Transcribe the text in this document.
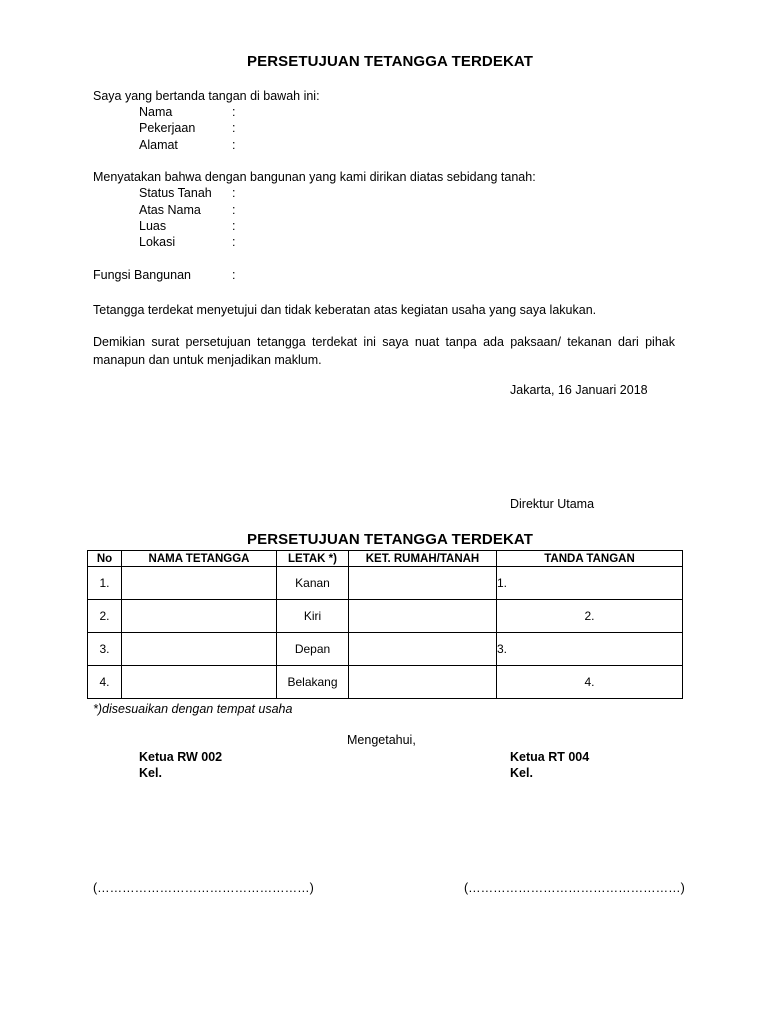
PERSETUJUAN TETANGGA TERDEKAT
Saya yang bertanda tangan di bawah ini:
Nama	:
Pekerjaan	:
Alamat	:
Menyatakan bahwa dengan bangunan yang kami dirikan diatas sebidang tanah:
Status Tanah :
Atas Nama :
Luas	:
Lokasi	:
Fungsi Bangunan	:
Tetangga terdekat menyetujui dan tidak keberatan atas kegiatan usaha yang saya lakukan.
Demikian surat persetujuan tetangga terdekat ini saya nuat tanpa ada paksaan/ tekanan dari pihak manapun dan untuk menjadikan maklum.
Jakarta, 16 Januari 2018
Direktur Utama
PERSETUJUAN TETANGGA TERDEKAT
No	NAMA TETANGGA	LETAK *)	KET. RUMAH/TANAH	TANDA TANGAN
1.		Kanan		1.
2.		Kiri		2.
3.		Depan		3.
4.		Belakang		4.
*)disesuaikan dengan tempat usaha
Mengetahui,
Ketua RW 002
Kel.
Ketua RT 004
Kel.
(……………………………………………)	(……………………………………………)
